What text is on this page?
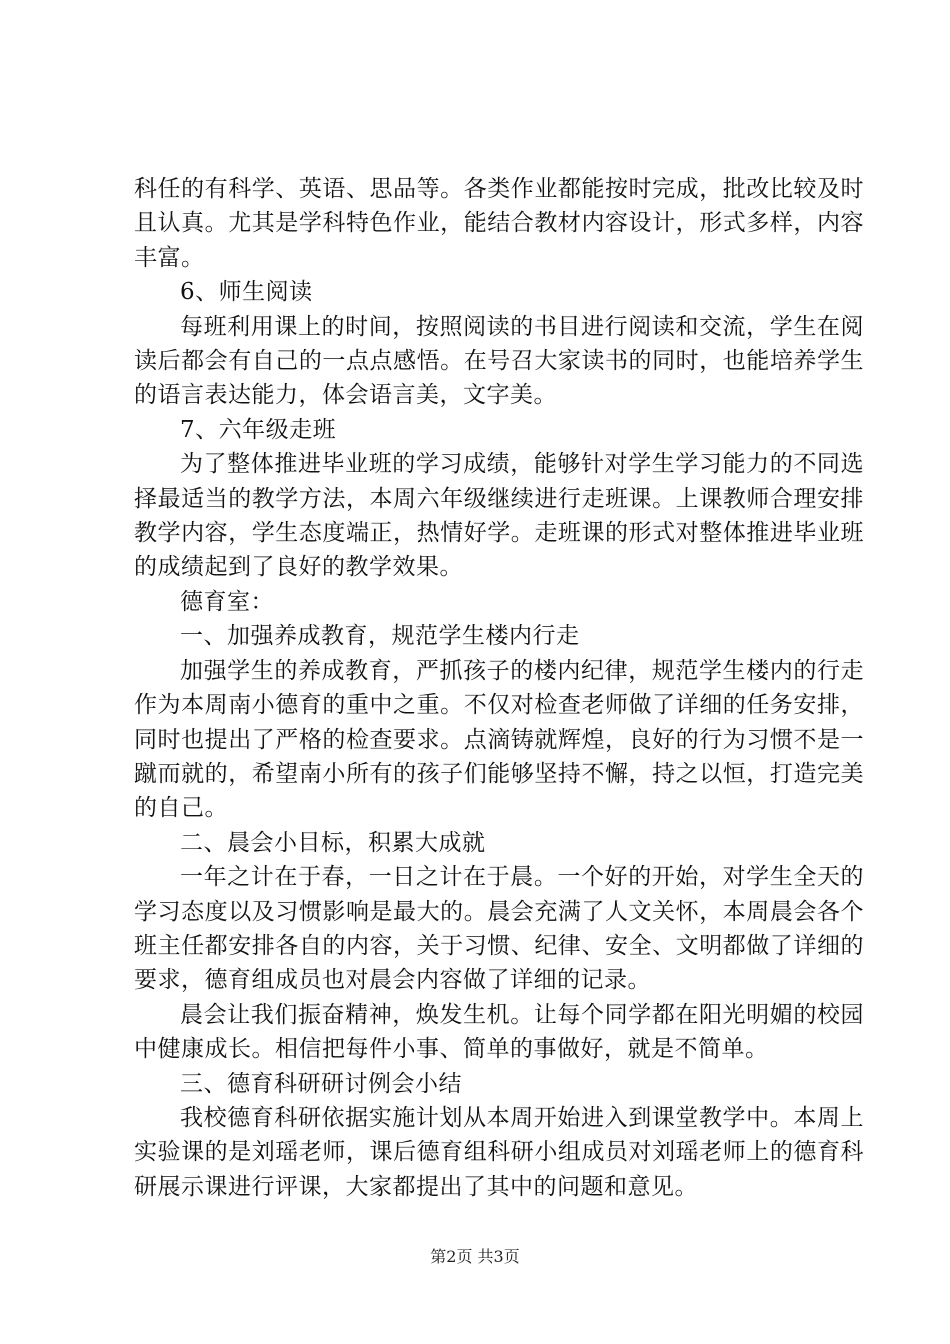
科任的有科学、英语、思品等。各类作业都能按时完成，批改比较及时且认真。尤其是学科特色作业，能结合教材内容设计，形式多样，内容丰富。

6、师生阅读

每班利用课上的时间，按照阅读的书目进行阅读和交流，学生在阅读后都会有自己的一点点感悟。在号召大家读书的同时，也能培养学生的语言表达能力，体会语言美，文字美。

7、六年级走班

为了整体推进毕业班的学习成绩，能够针对学生学习能力的不同选择最适当的教学方法，本周六年级继续进行走班课。上课教师合理安排教学内容，学生态度端正，热情好学。走班课的形式对整体推进毕业班的成绩起到了良好的教学效果。

德育室：

一、加强养成教育，规范学生楼内行走

加强学生的养成教育，严抓孩子的楼内纪律，规范学生楼内的行走作为本周南小德育的重中之重。不仅对检查老师做了详细的任务安排，同时也提出了严格的检查要求。点滴铸就辉煌，良好的行为习惯不是一蹴而就的，希望南小所有的孩子们能够坚持不懈，持之以恒，打造完美的自己。

二、晨会小目标，积累大成就

一年之计在于春，一日之计在于晨。一个好的开始，对学生全天的学习态度以及习惯影响是最大的。晨会充满了人文关怀，本周晨会各个班主任都安排各自的内容，关于习惯、纪律、安全、文明都做了详细的要求，德育组成员也对晨会内容做了详细的记录。

晨会让我们振奋精神，焕发生机。让每个同学都在阳光明媚的校园中健康成长。相信把每件小事、简单的事做好，就是不简单。

三、德育科研研讨例会小结

我校德育科研依据实施计划从本周开始进入到课堂教学中。本周上实验课的是刘瑶老师，课后德育组科研小组成员对刘瑶老师上的德育科研展示课进行评课，大家都提出了其中的问题和意见。

第2页 共3页
